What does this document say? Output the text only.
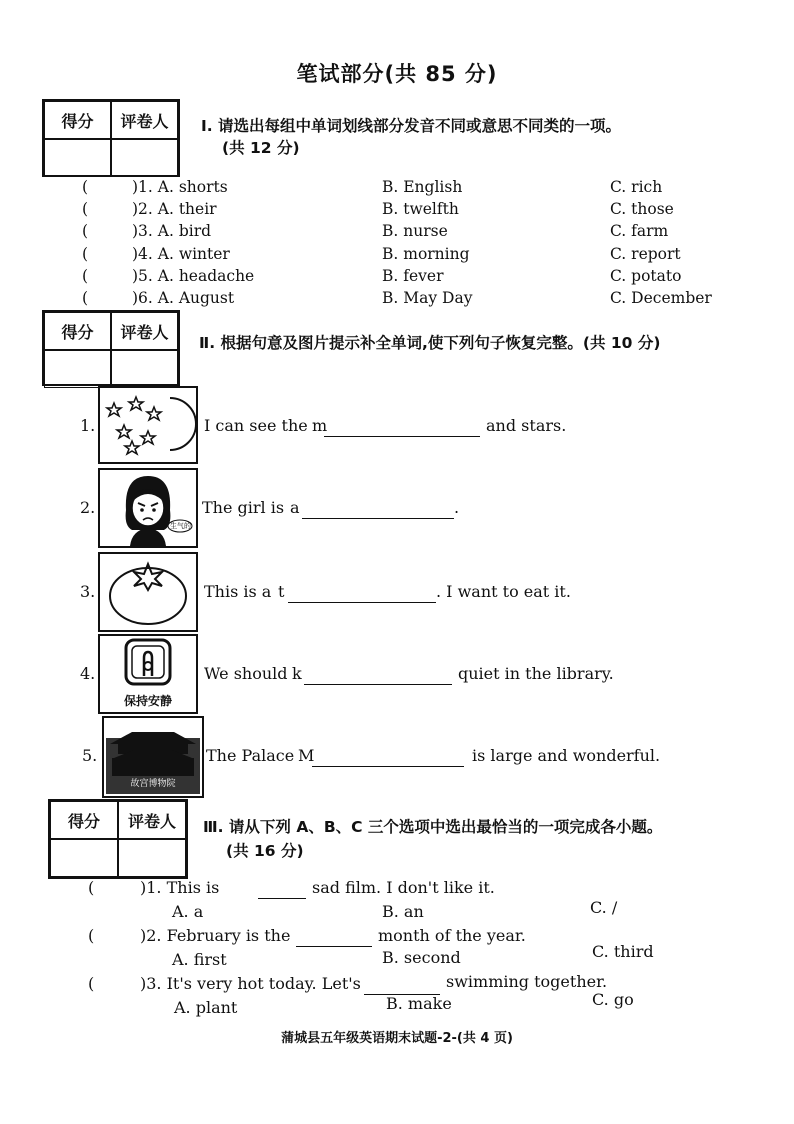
笔试部分(共 85 分)
得分	评卷人	Ⅰ. 请选出每组中单词划线部分发音不同或意思不同类的一项。
(共 12 分)
(	)1. A. shorts	B. English	C. rich
(	)2. A. their	B. twelfth	C. those
(	)3. A. bird	B. nurse	C. farm
(	)4. A. winter	B. morning	C. report
(	)5. A. headache	B. fever	C. potato
(	)6. A. August	B. May Day	C. December
得分	评卷人
Ⅱ. 根据句意及图片提示补全单词,使下列句子恢复完整。(共 10 分)
1.	I can see the m	and stars.
2.
生气的
The girl is a	.
3.	This is a t	. I want to eat it.
4.
保持安静
We should k	quiet in the library.
5.
故宫博物院
The Palace M	is large and wonderful.
得分	评卷人	Ⅲ. 请从下列 A、B、C 三个选项中选出最恰当的一项完成各小题。
(共 16 分)
(	)1. This is	sad film. I don't like it.
A. a	B. an	C. /
(	)2. February is the	month of the year.
A. first	B. second	C. third
(	)3. It's very hot today. Let's	swimming together.
A. plant	B. make	C. go
蒲城县五年级英语期末试题-2-(共 4 页)
